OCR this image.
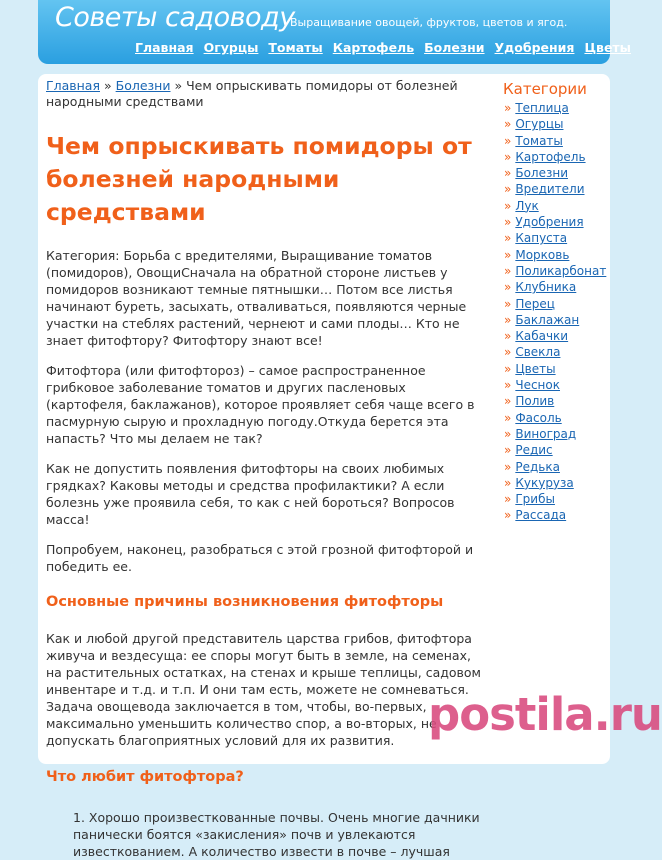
Советы садоводу
Выращивание овощей, фруктов, цветов и ягод.
Главная Огурцы Томаты Картофель Болезни Удобрения Цветы
Главная » Болезни » Чем опрыскивать помидоры от болезней народными средствами
Чем опрыскивать помидоры от болезней народными средствами

Категория: Борьба с вредителями, Выращивание томатов (помидоров), ОвощиСначала на обратной стороне листьев у помидоров возникают темные пятнышки… Потом все листья начинают буреть, засыхать, отваливаться, появляются черные участки на стеблях растений, чернеют и сами плоды… Кто не знает фитофтору? Фитофтору знают все!

Фитофтора (или фитофтороз) – самое распространенное грибковое заболевание томатов и других пасленовых (картофеля, баклажанов), которое проявляет себя чаще всего в пасмурную сырую и прохладную погоду.Откуда берется эта напасть? Что мы делаем не так?

Как не допустить появления фитофторы на своих любимых грядках? Каковы методы и средства профилактики? А если болезнь уже проявила себя, то как с ней бороться? Вопросов масса!

Попробуем, наконец, разобраться с этой грозной фитофторой и победить ее.

Основные причины возникновения фитофторы

Как и любой другой представитель царства грибов, фитофтора живуча и вездесуща: ее споры могут быть в земле, на семенах, на растительных остатках, на стенах и крыше теплицы, садовом инвентаре и т.д. и т.п. И они там есть, можете не сомневаться. Задача овощевода заключается в том, чтобы, во-первых, максимально уменьшить количество спор, а во-вторых, не допускать благоприятных условий для их развития.

Что любит фитофтора?
1. Хорошо произвесткованные почвы. Очень многие дачники панически боятся «закисления» почв и увлекаются известкованием. А количество извести в почве – лучшая
Категории
» Теплица
» Огурцы
» Томаты
» Картофель
» Болезни
» Вредители
» Лук
» Удобрения
» Капуста
» Морковь
» Поликарбонат
» Клубника
» Перец
» Баклажан
» Кабачки
» Свекла
» Цветы
» Чеснок
» Полив
» Фасоль
» Виноград
» Редис
» Редька
» Кукуруза
» Грибы
» Рассада
postila.ru
